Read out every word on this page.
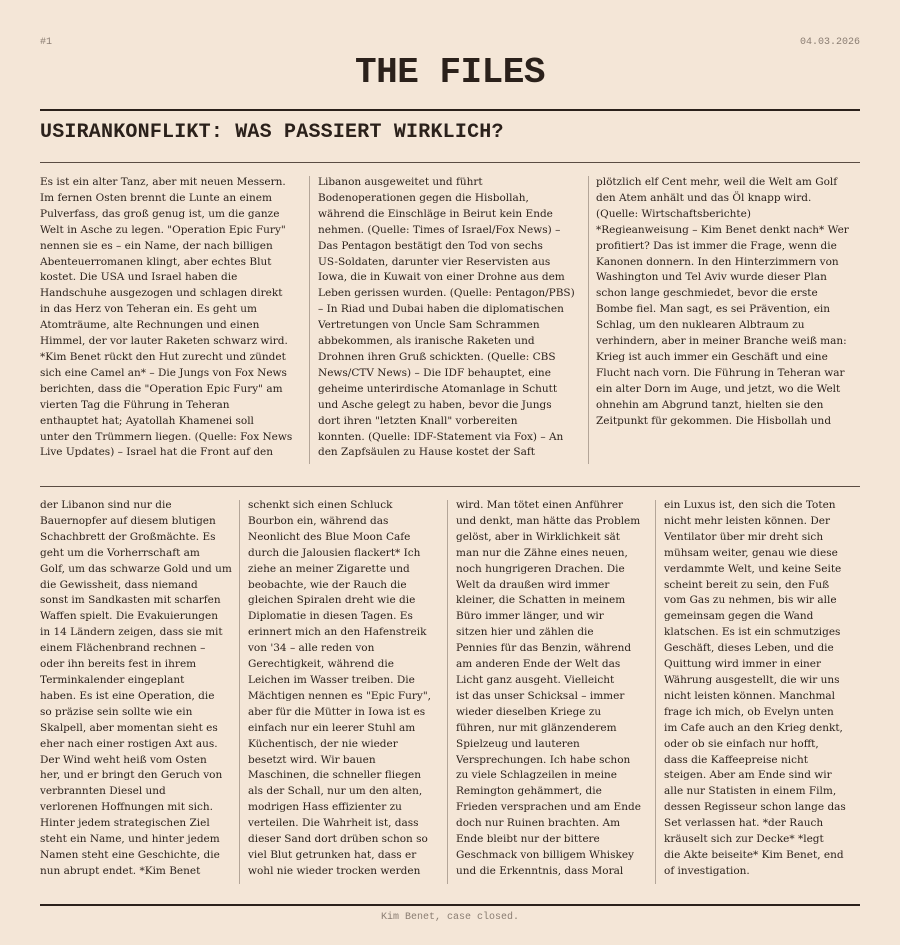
#1	04.03.2026
THE FILES
USIRANKONFLIKT: WAS PASSIERT WIRKLICH?
Es ist ein alter Tanz, aber mit neuen Messern.
Im fernen Osten brennt die Lunte an einem
Pulverfass, das groß genug ist, um die ganze
Welt in Asche zu legen. "Operation Epic Fury"
nennen sie es – ein Name, der nach billigen
Abenteuerromanen klingt, aber echtes Blut
kostet. Die USA und Israel haben die
Handschuhe ausgezogen und schlagen direkt
in das Herz von Teheran ein. Es geht um
Atomträume, alte Rechnungen und einen
Himmel, der vor lauter Raketen schwarz wird.
*Kim Benet rückt den Hut zurecht und zündet
sich eine Camel an* – Die Jungs von Fox News
berichten, dass die "Operation Epic Fury" am
vierten Tag die Führung in Teheran
enthauptet hat; Ayatollah Khamenei soll
unter den Trümmern liegen. (Quelle: Fox News
Live Updates) – Israel hat die Front auf den
Libanon ausgeweitet und führt
Bodenoperationen gegen die Hisbollah,
während die Einschläge in Beirut kein Ende
nehmen. (Quelle: Times of Israel/Fox News) –
Das Pentagon bestätigt den Tod von sechs
US-Soldaten, darunter vier Reservisten aus
Iowa, die in Kuwait von einer Drohne aus dem
Leben gerissen wurden. (Quelle: Pentagon/PBS)
– In Riad und Dubai haben die diplomatischen
Vertretungen von Uncle Sam Schrammen
abbekommen, als iranische Raketen und
Drohnen ihren Gruß schickten. (Quelle: CBS
News/CTV News) – Die IDF behauptet, eine
geheime unterirdische Atomanlage in Schutt
und Asche gelegt zu haben, bevor die Jungs
dort ihren "letzten Knall" vorbereiten
konnten. (Quelle: IDF-Statement via Fox) – An
den Zapfsäulen zu Hause kostet der Saft
plötzlich elf Cent mehr, weil die Welt am Golf
den Atem anhält und das Öl knapp wird.
(Quelle: Wirtschaftsberichte)
*Regieanweisung – Kim Benet denkt nach* Wer
profitiert? Das ist immer die Frage, wenn die
Kanonen donnern. In den Hinterzimmern von
Washington und Tel Aviv wurde dieser Plan
schon lange geschmiedet, bevor die erste
Bombe fiel. Man sagt, es sei Prävention, ein
Schlag, um den nuklearen Albtraum zu
verhindern, aber in meiner Branche weiß man:
Krieg ist auch immer ein Geschäft und eine
Flucht nach vorn. Die Führung in Teheran war
ein alter Dorn im Auge, und jetzt, wo die Welt
ohnehin am Abgrund tanzt, hielten sie den
Zeitpunkt für gekommen. Die Hisbollah und
der Libanon sind nur die
Bauernopfer auf diesem blutigen
Schachbrett der Großmächte. Es
geht um die Vorherrschaft am
Golf, um das schwarze Gold und um
die Gewissheit, dass niemand
sonst im Sandkasten mit scharfen
Waffen spielt. Die Evakuierungen
in 14 Ländern zeigen, dass sie mit
einem Flächenbrand rechnen –
oder ihn bereits fest in ihrem
Terminkalender eingeplant
haben. Es ist eine Operation, die
so präzise sein sollte wie ein
Skalpell, aber momentan sieht es
eher nach einer rostigen Axt aus.
Der Wind weht heiß vom Osten
her, und er bringt den Geruch von
verbrannten Diesel und
verlorenen Hoffnungen mit sich.
Hinter jedem strategischen Ziel
steht ein Name, und hinter jedem
Namen steht eine Geschichte, die
nun abrupt endet. *Kim Benet
schenkt sich einen Schluck
Bourbon ein, während das
Neonlicht des Blue Moon Cafe
durch die Jalousien flackert* Ich
ziehe an meiner Zigarette und
beobachte, wie der Rauch die
gleichen Spiralen dreht wie die
Diplomatie in diesen Tagen. Es
erinnert mich an den Hafenstreik
von '34 – alle reden von
Gerechtigkeit, während die
Leichen im Wasser treiben. Die
Mächtigen nennen es "Epic Fury",
aber für die Mütter in Iowa ist es
einfach nur ein leerer Stuhl am
Küchentisch, der nie wieder
besetzt wird. Wir bauen
Maschinen, die schneller fliegen
als der Schall, nur um den alten,
modrigen Hass effizienter zu
verteilen. Die Wahrheit ist, dass
dieser Sand dort drüben schon so
viel Blut getrunken hat, dass er
wohl nie wieder trocken werden
wird. Man tötet einen Anführer
und denkt, man hätte das Problem
gelöst, aber in Wirklichkeit sät
man nur die Zähne eines neuen,
noch hungrigeren Drachen. Die
Welt da draußen wird immer
kleiner, die Schatten in meinem
Büro immer länger, und wir
sitzen hier und zählen die
Pennies für das Benzin, während
am anderen Ende der Welt das
Licht ganz ausgeht. Vielleicht
ist das unser Schicksal – immer
wieder dieselben Kriege zu
führen, nur mit glänzenderem
Spielzeug und lauteren
Versprechungen. Ich habe schon
zu viele Schlagzeilen in meine
Remington gehämmert, die
Frieden versprachen und am Ende
doch nur Ruinen brachten. Am
Ende bleibt nur der bittere
Geschmack von billigem Whiskey
und die Erkenntnis, dass Moral
ein Luxus ist, den sich die Toten
nicht mehr leisten können. Der
Ventilator über mir dreht sich
mühsam weiter, genau wie diese
verdammte Welt, und keine Seite
scheint bereit zu sein, den Fuß
vom Gas zu nehmen, bis wir alle
gemeinsam gegen die Wand
klatschen. Es ist ein schmutziges
Geschäft, dieses Leben, und die
Quittung wird immer in einer
Währung ausgestellt, die wir uns
nicht leisten können. Manchmal
frage ich mich, ob Evelyn unten
im Cafe auch an den Krieg denkt,
oder ob sie einfach nur hofft,
dass die Kaffeepreise nicht
steigen. Aber am Ende sind wir
alle nur Statisten in einem Film,
dessen Regisseur schon lange das
Set verlassen hat. *der Rauch
kräuselt sich zur Decke* *legt
die Akte beiseite* Kim Benet, end
of investigation.
Kim Benet, case closed.
